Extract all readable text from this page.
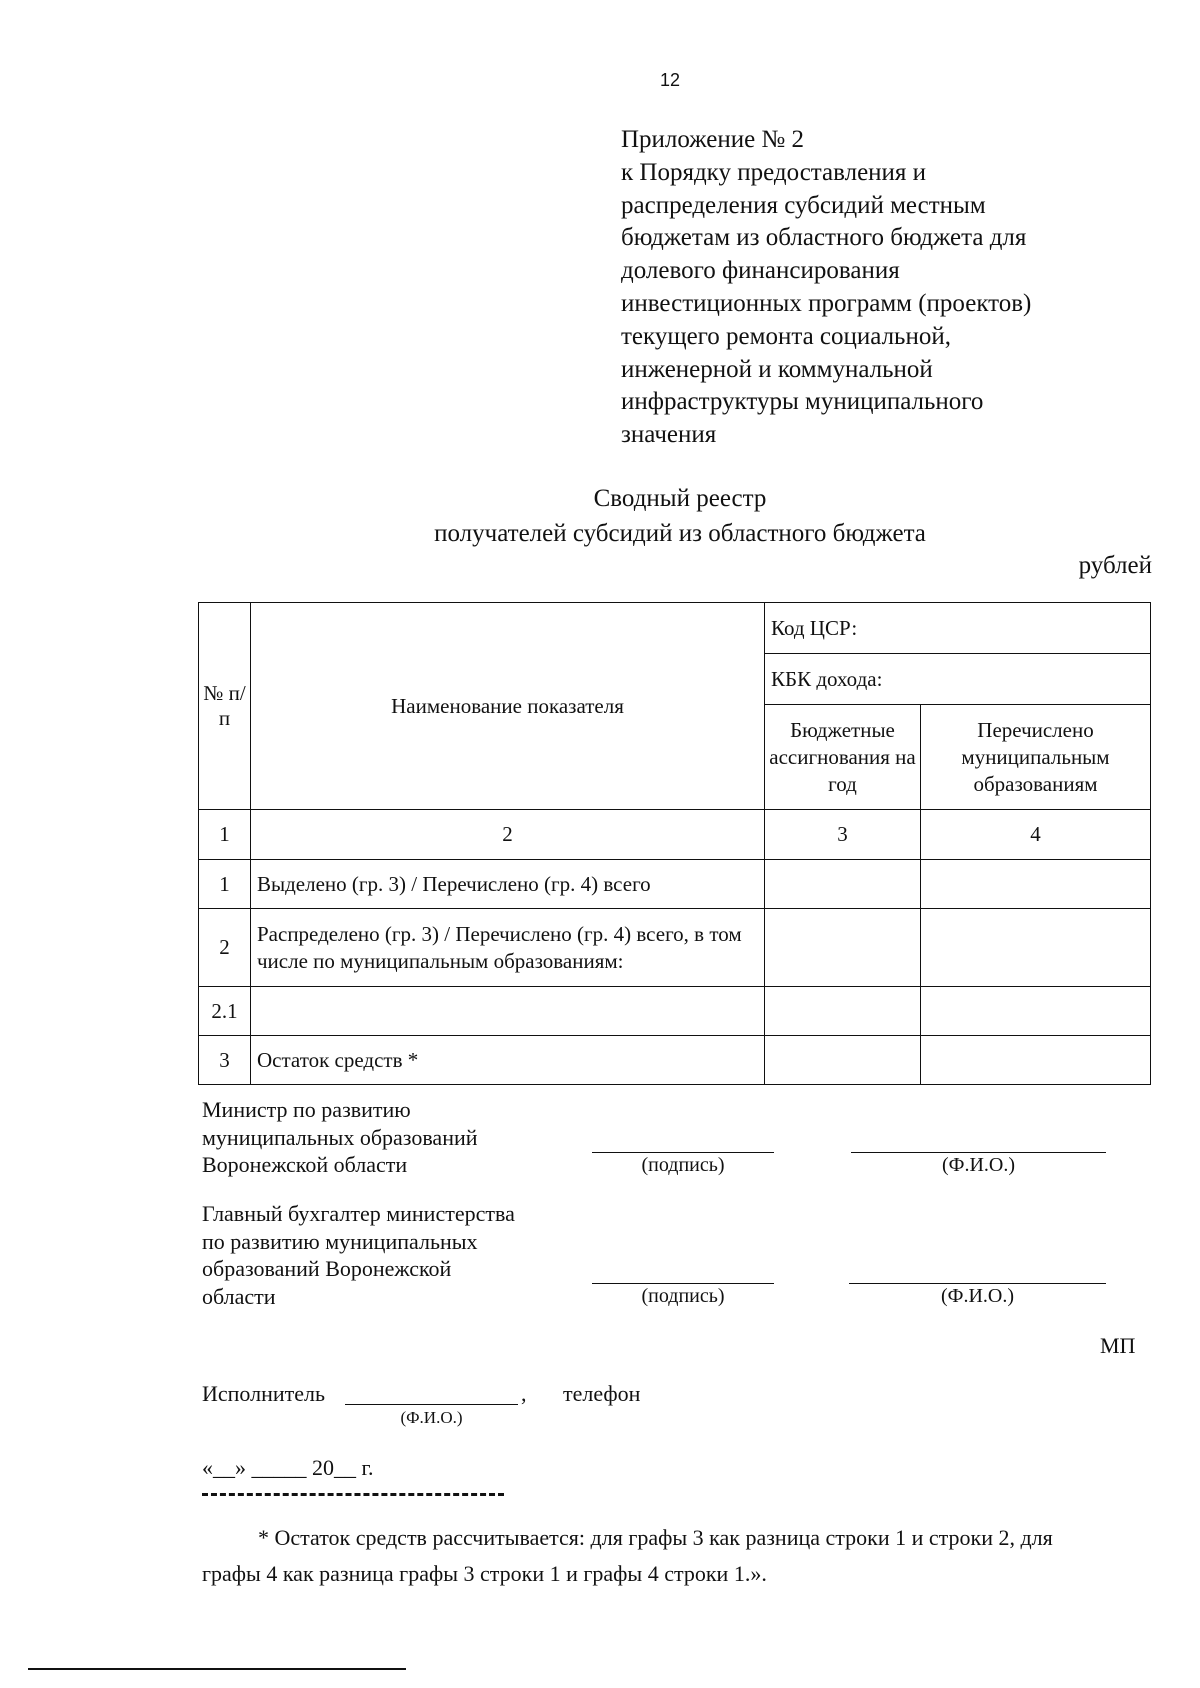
12
Приложение № 2
к Порядку предоставления и
распределения субсидий местным
бюджетам из областного бюджета для
долевого финансирования
инвестиционных программ (проектов)
текущего ремонта социальной,
инженерной и коммунальной
инфраструктуры муниципального
значения
Сводный реестр
получателей субсидий из областного бюджета
рублей
№ п/п	Наименование показателя	Код ЦСР:	
		КБК дохода:	
		Бюджетные ассигнования на год	Перечислено муниципальным образованиям
1	2	3	4
1	Выделено (гр. 3) / Перечислено (гр. 4) всего		
2	Распределено (гр. 3) / Перечислено (гр. 4) всего, в том числе по муниципальным образованиям:		
2.1			
3	Остаток средств *		
Министр по развитию
муниципальных образований
Воронежской области	(подпись)	(Ф.И.О.)
Главный бухгалтер министерства
по развитию муниципальных
образований Воронежской
области	(подпись)	(Ф.И.О.)
МП
Исполнитель	, телефон
(Ф.И.О.)
«__» _____ 20__ г.

* Остаток средств рассчитывается: для графы 3 как разница строки 1 и строки 2, для

графы 4 как разница графы 3 строки 1 и графы 4 строки 1.».
